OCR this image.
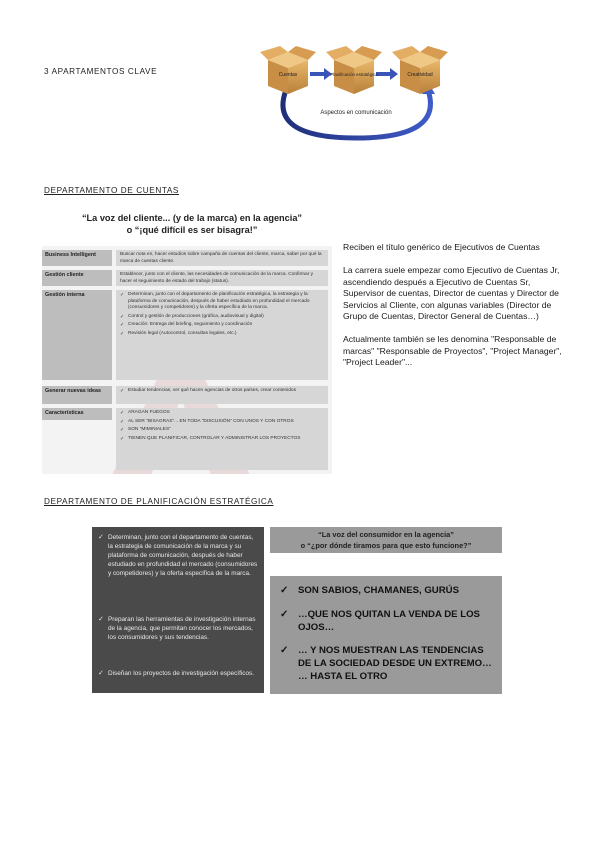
3 APARTAMENTOS CLAVE	Cuentas	Planificación estratégica	Creatividad
Aspectos en comunicación
DEPARTAMENTO DE CUENTAS
“La voz del cliente... (y de la marca) en la agencia”
o “¡qué difícil es ser bisagra!”
Business Intelligent	Buscar nota en, hacer estudios sobre campaña de cuentas del cliente, marca, saber por qué la marca de cuestas cliente.
Gestión cliente	Establecer, junto con el cliente, las necesidades de comunicación de la marca. Confirmar y hacer el seguimiento de estado del trabajo (status).
Gestión interna	✓ Determinan, junto con el departamento de planificación estratégica, la estrategia y la plataforma de comunicación, después de haber estudiado en profundidad el mercado (consumidores y competidores) y la oferta específica de la marca.
✓ Control y gestión de producciones (gráfica, audiovisual y digital)
✓ Creación: Entrega del briefing, seguimiento y coordinación
✓ Revisión legal (Autocontrol, consultas legales, etc.)
Generar nuevas ideas	✓ Estudiar tendencias, ver qué hacen agencias de otros países, crear contenidos
Características	✓ ARAGAN FUEGOS
✓ AL SER "BISAGRAS"... EN TODA "DISCUSIÓN" CON UNOS Y CON OTROS
✓ SON "MIMINIALES"
✓ TIENEN QUE PLANIFICAR, CONTROLAR Y ADMINISTRAR LOS PROYECTOS

Reciben el título genérico de Ejecutivos de Cuentas

La carrera suele empezar como Ejecutivo de Cuentas Jr, ascendiendo después a Ejecutivo de Cuentas Sr, Supervisor de cuentas, Director de cuentas y Director de Servicios al Cliente, con algunas variables (Director de Grupo de Cuentas, Director General de Cuentas…)

Actualmente también se les denomina "Responsable de marcas" "Responsable de Proyectos", "Project Manager", "Project Leader"...

DEPARTAMENTO DE PLANIFICACIÓN ESTRATÉGICA
✓ Determinan, junto con el departamento de cuentas, la estrategia de comunicación de la marca y su plataforma de comunicación, después de haber estudiado en profundidad el mercado (consumidores y competidores) y la oferta específica de la marca.
✓ Preparan las herramientas de investigación internas de la agencia, que permitan conocer los mercados, los consumidores y sus tendencias.
✓ Diseñan los proyectos de investigación específicos.
“La voz del consumidor en la agencia”
o “¿por dónde tiramos para que esto funcione?”
✓ SON SABIOS, CHAMANES, GURÚS
✓ …QUE NOS QUITAN LA VENDA DE LOS OJOS…
✓ … Y NOS MUESTRAN LAS TENDENCIAS DE LA SOCIEDAD DESDE UN EXTREMO… … HASTA EL OTRO
